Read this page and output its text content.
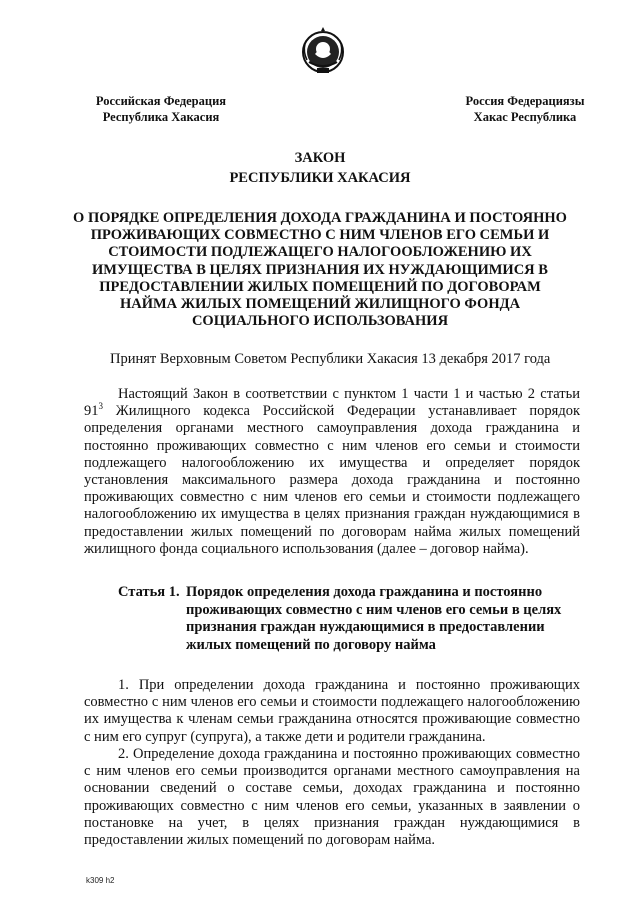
Российская Федерация
Республика Хакасия
Россия Федерациязы
Хакас Республика
ЗАКОН
РЕСПУБЛИКИ ХАКАСИЯ
О ПОРЯДКЕ ОПРЕДЕЛЕНИЯ ДОХОДА ГРАЖДАНИНА И ПОСТОЯННО ПРОЖИВАЮЩИХ СОВМЕСТНО С НИМ ЧЛЕНОВ ЕГО СЕМЬИ И СТОИМОСТИ ПОДЛЕЖАЩЕГО НАЛОГООБЛОЖЕНИЮ ИХ ИМУЩЕСТВА В ЦЕЛЯХ ПРИЗНАНИЯ ИХ НУЖДАЮЩИМИСЯ В ПРЕДОСТАВЛЕНИИ ЖИЛЫХ ПОМЕЩЕНИЙ ПО ДОГОВОРАМ НАЙМА ЖИЛЫХ ПОМЕЩЕНИЙ ЖИЛИЩНОГО ФОНДА СОЦИАЛЬНОГО ИСПОЛЬЗОВАНИЯ
Принят Верховным Советом Республики Хакасия 13 декабря 2017 года

Настоящий Закон в соответствии с пунктом 1 части 1 и частью 2 статьи $91^3$ Жилищного кодекса Российской Федерации устанавливает порядок определения органами местного самоуправления дохода гражданина и постоянно проживающих совместно с ним членов его семьи и стоимости подлежащего налогообложению их имущества и определяет порядок установления максимального размера дохода гражданина и постоянно проживающих совместно с ним членов его семьи и стоимости подлежащего налогообложению их имущества в целях признания граждан нуждающимися в предоставлении жилых помещений по договорам найма жилых помещений жилищного фонда социального использования (далее – договор найма).

Статья 1. Порядок определения дохода гражданина и постоянно проживающих совместно с ним членов его семьи в целях признания граждан нуждающимися в предоставлении жилых помещений по договору найма

1. При определении дохода гражданина и постоянно проживающих совместно с ним членов его семьи и стоимости подлежащего налогообложению их имущества к членам семьи гражданина относятся проживающие совместно с ним его супруг (супруга), а также дети и родители гражданина.

2. Определение дохода гражданина и постоянно проживающих совместно с ним членов его семьи производится органами местного самоуправления на основании сведений о составе семьи, доходах гражданина и постоянно проживающих совместно с ним членов его семьи, указанных в заявлении о постановке на учет, в целях признания граждан нуждающимися в предоставлении жилых помещений по договорам найма.

k309 h2
